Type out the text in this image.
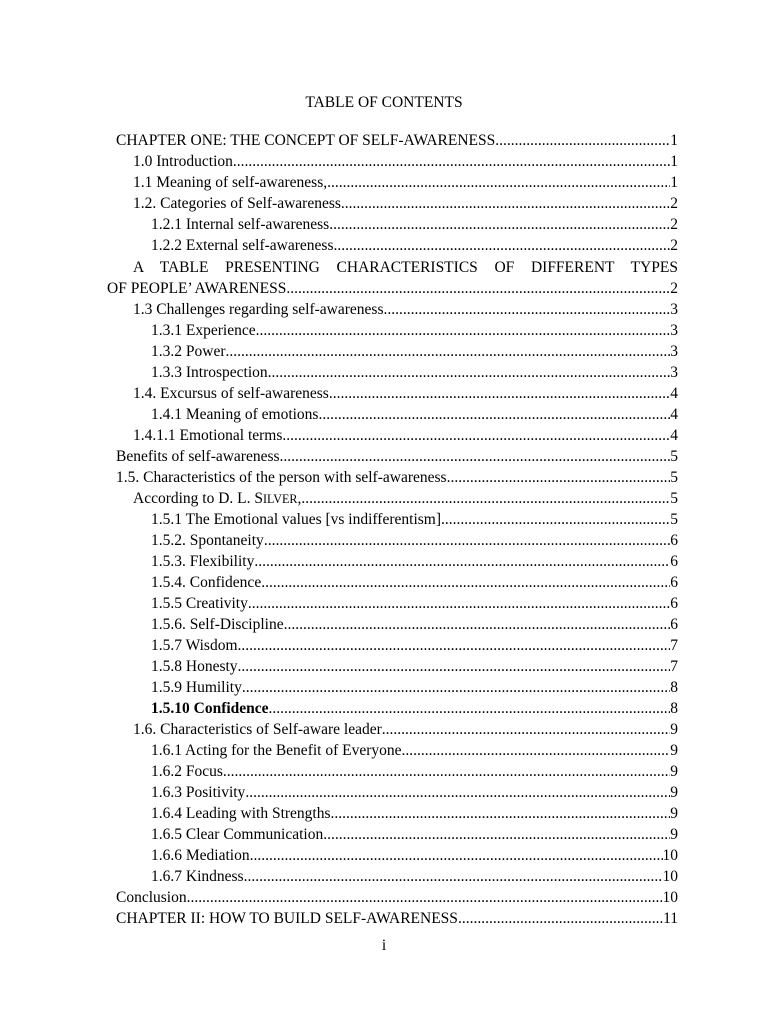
TABLE OF CONTENTS
CHAPTER ONE: THE CONCEPT OF SELF-AWARENESS .....	1
1.0 Introduction .....	1
1.1 Meaning of self-awareness, .....	1
1.2. Categories of Self-awareness .....	2
1.2.1 Internal self-awareness .....	2
1.2.2 External self-awareness .....	2
A TABLE PRESENTING CHARACTERISTICS OF DIFFERENT TYPES
OF PEOPLE’ AWARENESS .....	2
1.3 Challenges regarding self-awareness .....	3
1.3.1 Experience .....	3
1.3.2 Power .....	3
1.3.3 Introspection .....	3
1.4. Excursus of self-awareness .....	4
1.4.1 Meaning of emotions .....	4
1.4.1.1 Emotional terms .....	4
Benefits of self-awareness .....	5
1.5. Characteristics of the person with self-awareness .....	5
According to D. L. SILVER, .....	5
1.5.1 The Emotional values [vs indifferentism] .....	5
1.5.2. Spontaneity .....	6
1.5.3. Flexibility .....	6
1.5.4. Confidence .....	6
1.5.5 Creativity .....	6
1.5.6. Self-Discipline .....	6
1.5.7 Wisdom .....	7
1.5.8 Honesty .....	7
1.5.9 Humility .....	8
1.5.10 Confidence .....	8
1.6. Characteristics of Self-aware leader .....	9
1.6.1 Acting for the Benefit of Everyone .....	9
1.6.2 Focus .....	9
1.6.3 Positivity .....	9
1.6.4 Leading with Strengths .....	9
1.6.5 Clear Communication .....	9
1.6.6 Mediation .....	10
1.6.7 Kindness .....	10
Conclusion .....	10
CHAPTER II: HOW TO BUILD SELF-AWARENESS .....	11
i
